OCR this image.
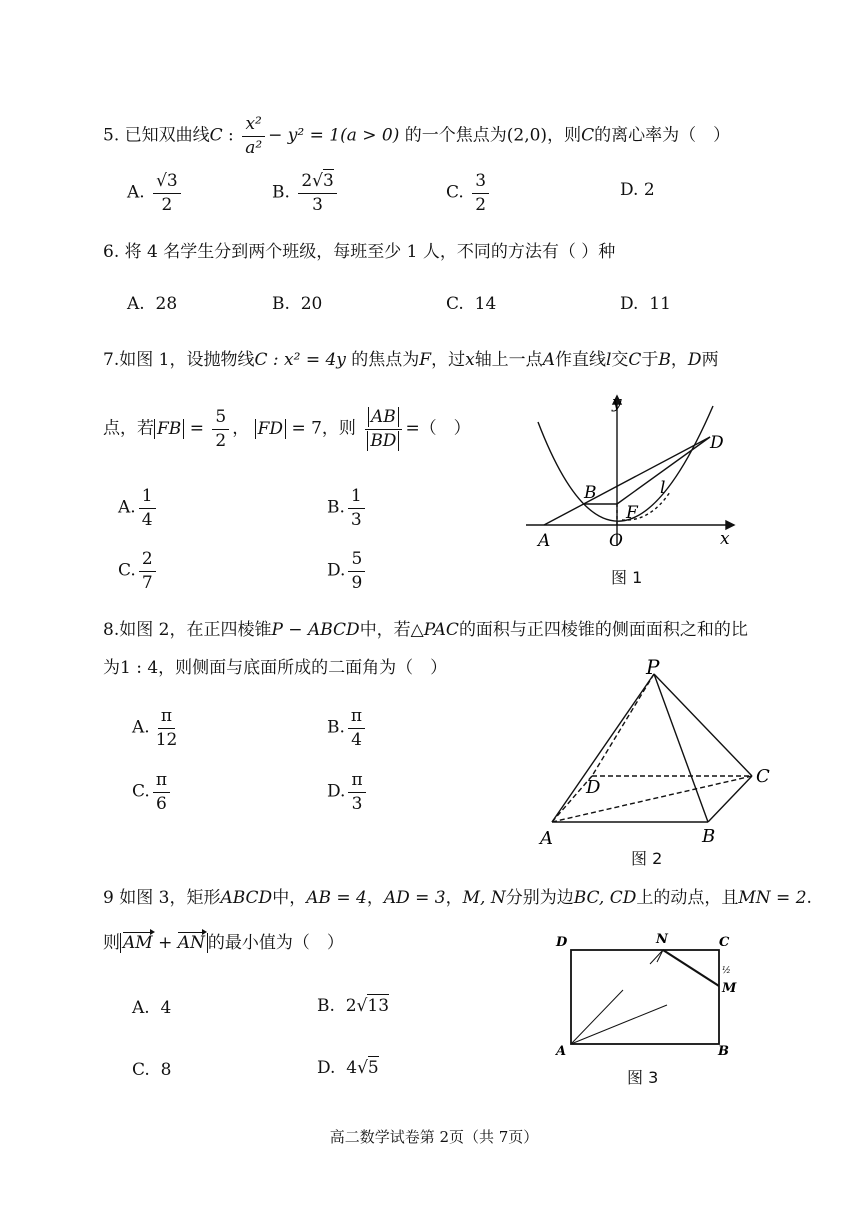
5. 已知双曲线C : $\frac{\text{x²}}{\text{a²}} - y^2 = 1(a > 0)$ 的一个焦点为(2,0)，则C的离心率为（　）
A. $\frac{√3}{2}$	B. $\frac{2√3}{3}$	C. $\frac{3}{2}$	D. 2
6. 将 4 名学生分到两个班级，每班至少 1 人，不同的方法有（ ）种
A. 28	B. 20	C. 14	D. 11
7.如图 1，设抛物线C : x² = 4y 的焦点为F，过x轴上一点A作直线l交C于B，D两
点，若 FB = $\frac{5}{2}$ ， FD = 7，则 $\frac{AB}{BD}$ =（　）
A. $\frac{1}{4}$	B. $\frac{1}{3}$
C. $\frac{2}{7}$	D. $\frac{5}{9}$
y
x
O
A
B
D
F
l
图 1
8.如图 2，在正四棱锥P − ABCD中，若△PAC的面积与正四棱锥的侧面面积之和的比
为1 : 4，则侧面与底面所成的二面角为（　）
A. $\frac{\pi}{12}$	B. $\frac{\pi}{4}$
C. $\frac{\pi}{6}$	D. $\frac{\pi}{3}$
P
A	B
C
D
图 2
9 如图 3，矩形ABCD中，AB = 4，AD = 3，M, N分别为边BC, CD上的动点，且MN = 2.
则 AM + AN 的最小值为（　）
A. 4	B. 2√13
C. 8	D. 4√5
D	N	C
M
½
A	B
图 3
高二数学试卷第 2页（共 7页）
